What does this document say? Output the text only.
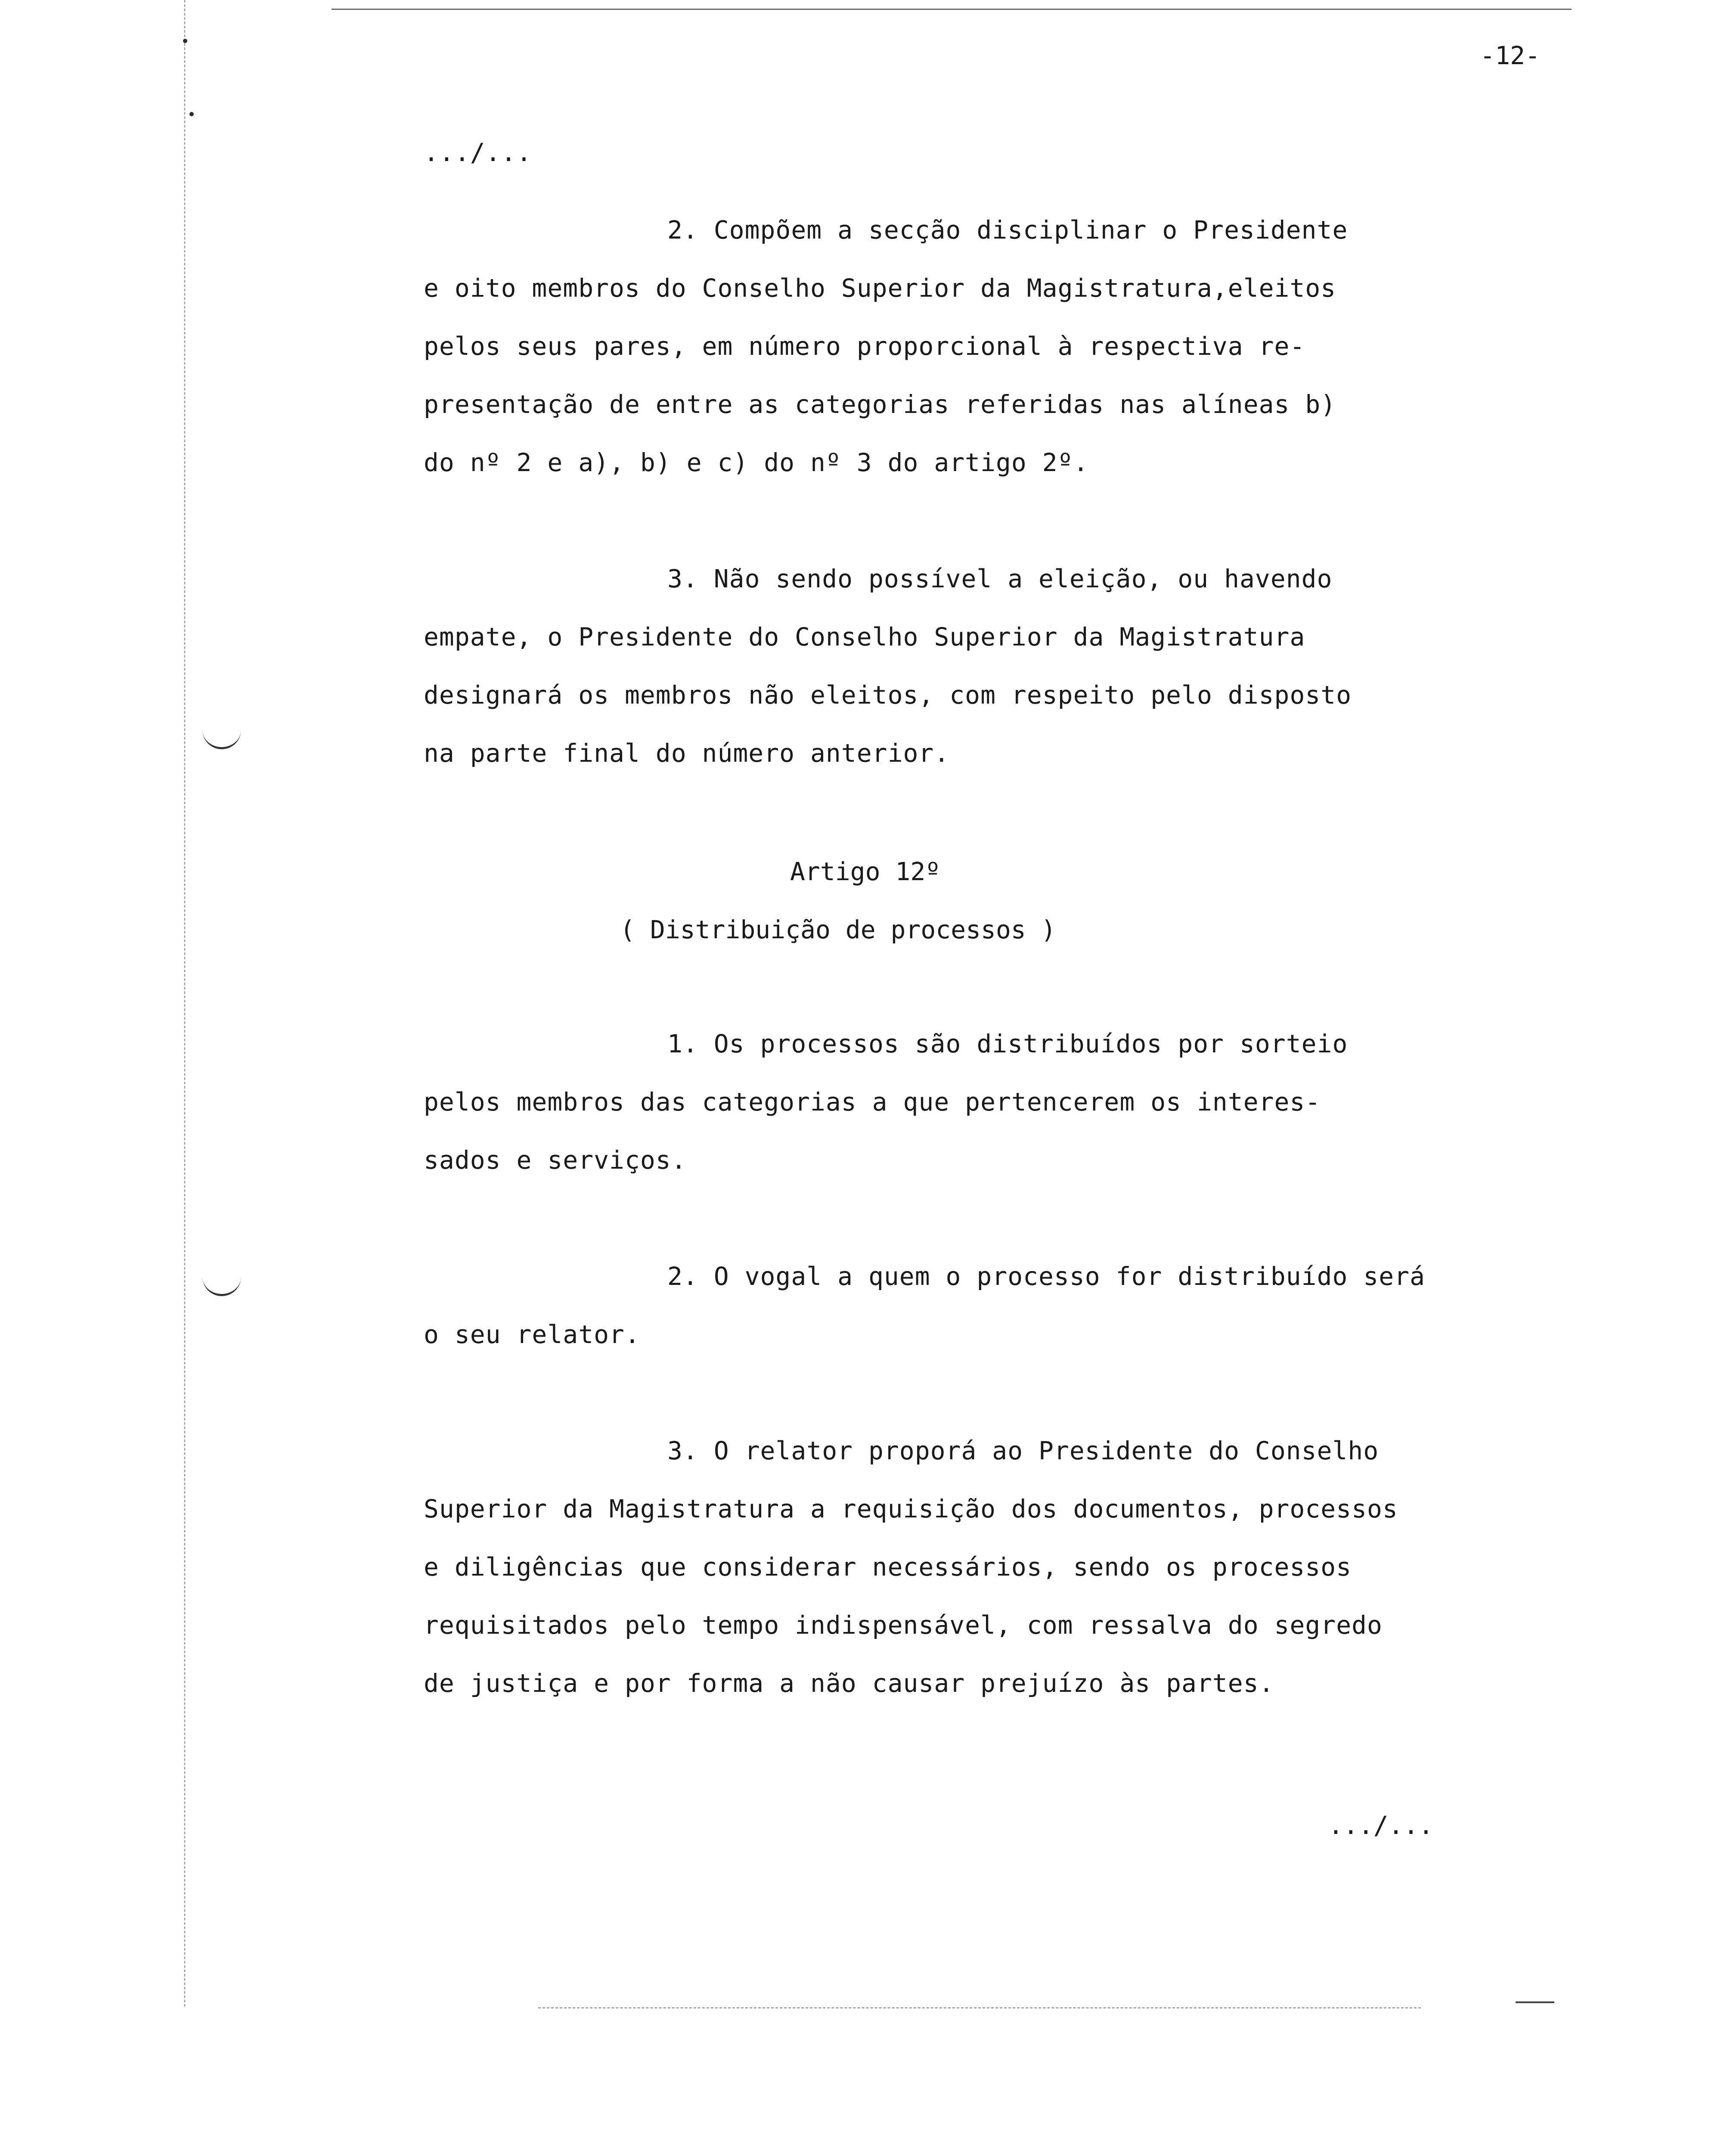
-12-
.../...
2. Compõem a secção disciplinar o Presidente
e oito membros do Conselho Superior da Magistratura,eleitos
pelos seus pares, em número proporcional à respectiva re-
presentação de entre as categorias referidas nas alíneas b)
do nº 2 e a), b) e c) do nº 3 do artigo 2º.
3. Não sendo possível a eleição, ou havendo
empate, o Presidente do Conselho Superior da Magistratura
designará os membros não eleitos, com respeito pelo disposto
na parte final do número anterior.
Artigo 12º
( Distribuição de processos )
1. Os processos são distribuídos por sorteio
pelos membros das categorias a que pertencerem os interes-
sados e serviços.
2. O vogal a quem o processo for distribuído será
o seu relator.
3. O relator proporá ao Presidente do Conselho
Superior da Magistratura a requisição dos documentos, processos
e diligências que considerar necessários, sendo os processos
requisitados pelo tempo indispensável, com ressalva do segredo
de justiça e por forma a não causar prejuízo às partes.
.../...
